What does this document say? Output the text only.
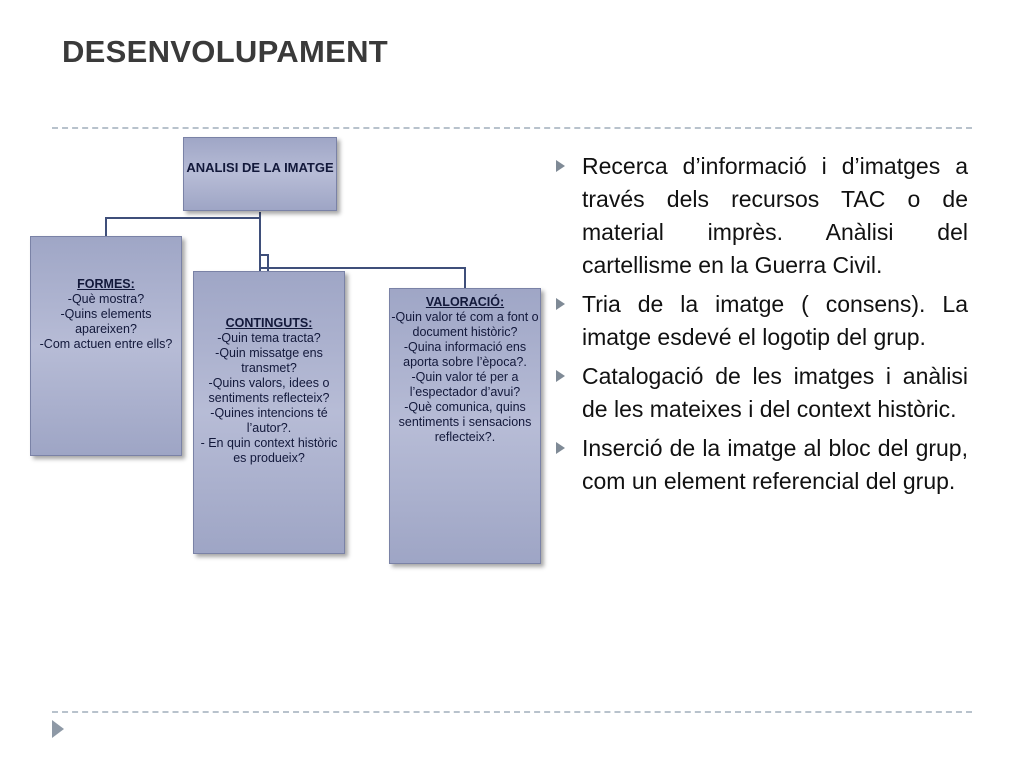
DESENVOLUPAMENT
ANALISI DE LA IMATGE
FORMES:
-Què mostra?
-Quins elements apareixen?
-Com actuen entre ells?
CONTINGUTS:
-Quin tema tracta?
-Quin missatge ens transmet?
-Quins valors, idees o sentiments reflecteix?
-Quines intencions té l’autor?.
- En quin context històric es produeix?
VALORACIÓ:
-Quin valor té com a font o document històric?
-Quina informació ens aporta sobre l’època?.
-Quin valor té per a l’espectador d’avui?
-Què comunica, quins sentiments i sensacions reflecteix?.
Recerca d’informació i d’imatges a través dels recursos TAC o de material imprès. Anàlisi del cartellisme en la Guerra Civil.
Tria de la imatge ( consens). La imatge esdevé el logotip del grup.
Catalogació de les imatges i anàlisi de les mateixes i del context històric.
Inserció de la imatge al bloc del grup, com un element referencial del grup.
